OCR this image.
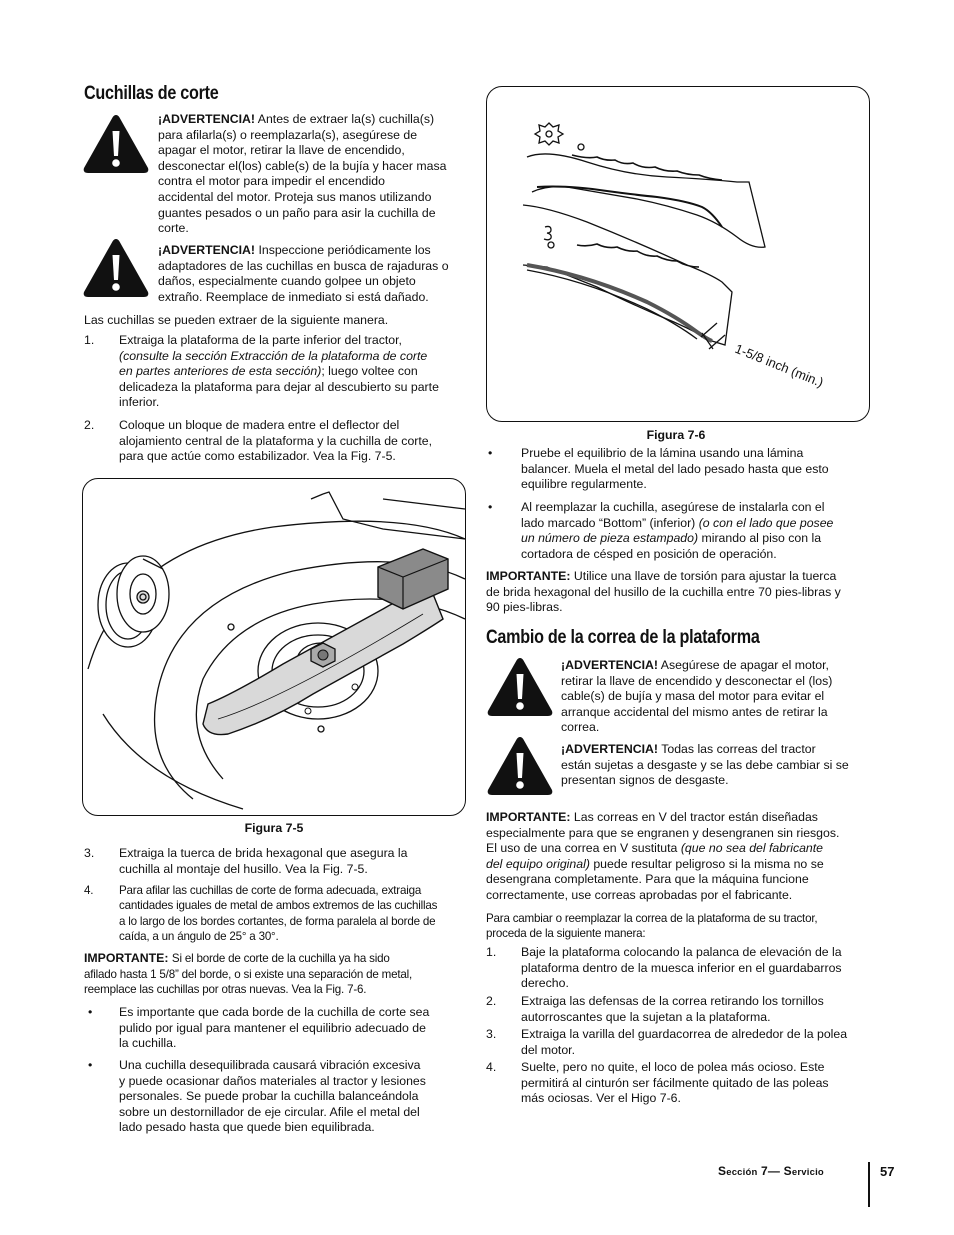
Cuchillas de corte
¡ADVERTENCIA! Antes de extraer la(s) cuchilla(s)
para afilarla(s) o reemplazarla(s), asegúrese de
apagar el motor, retirar la llave de encendido,
desconectar el(los) cable(s) de la bujía y hacer masa
contra el motor para impedir el encendido
accidental del motor. Proteja sus manos utilizando
guantes pesados o un paño para asir la cuchilla de
corte.
¡ADVERTENCIA! Inspeccione periódicamente los
adaptadores de las cuchillas en busca de rajaduras o
daños, especialmente cuando golpee un objeto
extraño. Reemplace de inmediato si está dañado.
Las cuchillas se pueden extraer de la siguiente manera.
1. Extraiga la plataforma de la parte inferior del tractor,
(consulte la sección Extracción de la plataforma de corte
en partes anteriores de esta sección); luego voltee con
delicadeza la plataforma para dejar al descubierto su parte
inferior.
2. Coloque un bloque de madera entre el deflector del
alojamiento central de la plataforma y la cuchilla de corte,
para que actúe como estabilizador. Vea la Fig. 7-5.
Figura 7-5
3. Extraiga la tuerca de brida hexagonal que asegura la
cuchilla al montaje del husillo. Vea la Fig. 7-5.
4. Para afilar las cuchillas de corte de forma adecuada, extraiga
cantidades iguales de metal de ambos extremos de las cuchillas
a lo largo de los bordes cortantes, de forma paralela al borde de
caída, a un ángulo de 25° a 30°.
IMPORTANTE: Si el borde de corte de la cuchilla ya ha sido
afilado hasta 1 5/8” del borde, o si existe una separación de metal,
reemplace las cuchillas por otras nuevas. Vea la Fig. 7-6.
• Es importante que cada borde de la cuchilla de corte sea
pulido por igual para mantener el equilibrio adecuado de
la cuchilla.
• Una cuchilla desequilibrada causará vibración excesiva
y puede ocasionar daños materiales al tractor y lesiones
personales. Se puede probar la cuchilla balanceándola
sobre un destornillador de eje circular. Afile el metal del
lado pesado hasta que quede bien equilibrada.
1-5/8 inch (min.)
Figura 7-6
• Pruebe el equilibrio de la lámina usando una lámina
balancer. Muela el metal del lado pesado hasta que esto
equilibre regularmente.
• Al reemplazar la cuchilla, asegúrese de instalarla con el
lado marcado “Bottom” (inferior) (o con el lado que posee
un número de pieza estampado) mirando al piso con la
cortadora de césped en posición de operación.
IMPORTANTE: Utilice una llave de torsión para ajustar la tuerca
de brida hexagonal del husillo de la cuchilla entre 70 pies-libras y
90 pies-libras.
Cambio de la correa de la plataforma
¡ADVERTENCIA! Asegúrese de apagar el motor,
retirar la llave de encendido y desconectar el (los)
cable(s) de bujía y masa del motor para evitar el
arranque accidental del mismo antes de retirar la
correa.
¡ADVERTENCIA! Todas las correas del tractor
están sujetas a desgaste y se las debe cambiar si se
presentan signos de desgaste.
IMPORTANTE: Las correas en V del tractor están diseñadas
especialmente para que se engranen y desengranen sin riesgos.
El uso de una correa en V sustituta (que no sea del fabricante
del equipo original) puede resultar peligroso si la misma no se
desengrana completamente. Para que la máquina funcione
correctamente, use correas aprobadas por el fabricante.
Para cambiar o reemplazar la correa de la plataforma de su tractor,
proceda de la siguiente manera:
1. Baje la plataforma colocando la palanca de elevación de la
plataforma dentro de la muesca inferior en el guardabarros
derecho.
2. Extraiga las defensas de la correa retirando los tornillos
autorroscantes que la sujetan a la plataforma.
3. Extraiga la varilla del guardacorrea de alrededor de la polea
del motor.
4. Suelte, pero no quite, el loco de polea más ocioso. Este
permitirá al cinturón ser fácilmente quitado de las poleas
más ociosas. Ver el Higo 7-6.
Sección 7— Servicio	57
